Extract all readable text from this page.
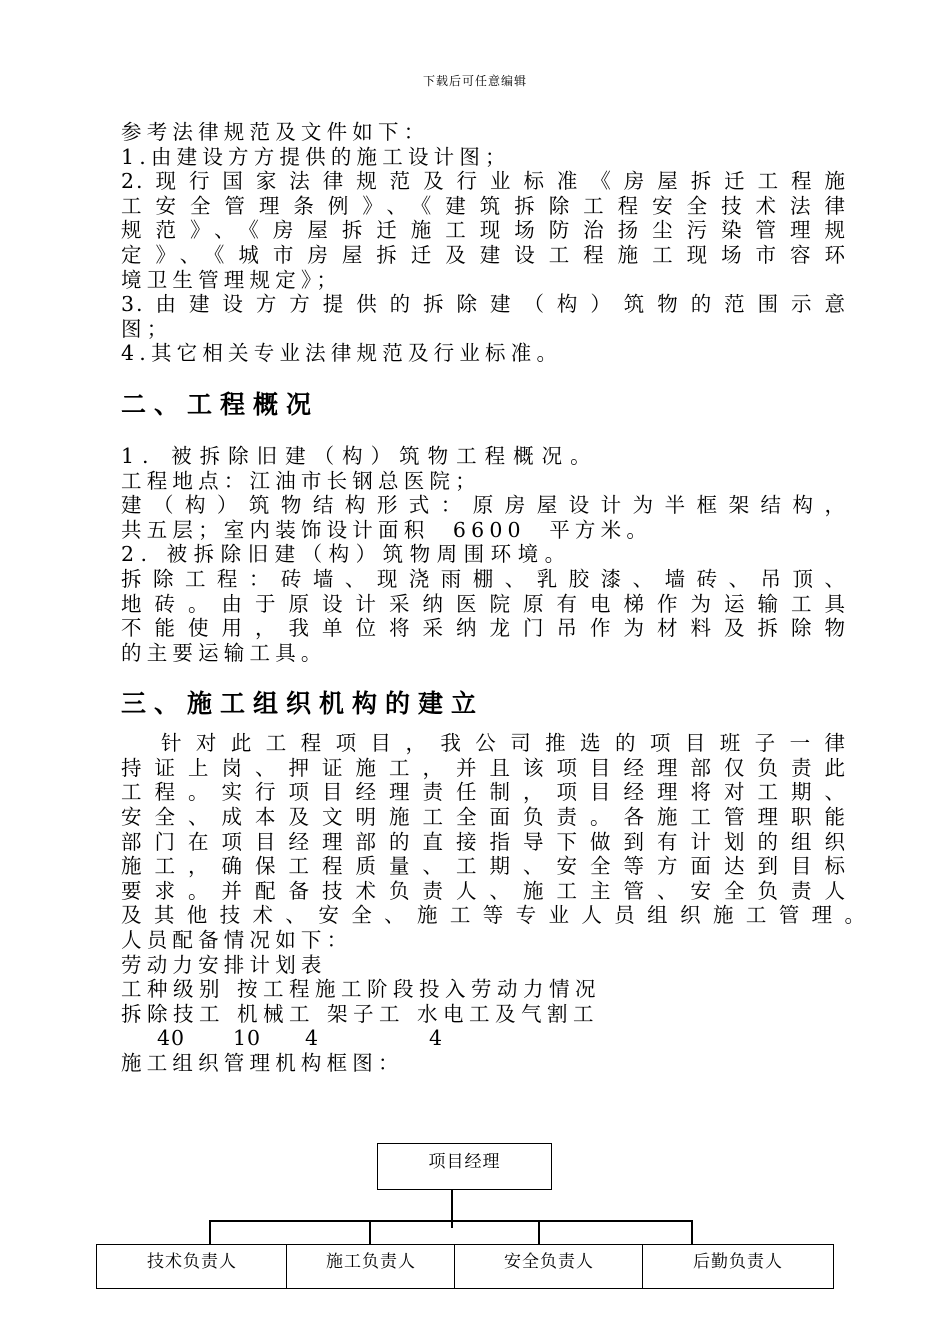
下载后可任意编辑
参考法律规范及文件如下：
1.由建设方方提供的施工设计图；
2.现行国家法律规范及行业标准《房屋拆迁工程施
工安全管理条例》、《建筑拆除工程安全技术法律
规范》、《房屋拆迁施工现场防治扬尘污染管理规
定》、《城市房屋拆迁及建设工程施工现场市容环
境卫生管理规定》；
3.由建设方方提供的拆除建（构）筑物的范围示意
图；
4.其它相关专业法律规范及行业标准。
二、工程概况
1. 被拆除旧建（构）筑物工程概况。
工程地点：江油市长钢总医院；
建（构）筑物结构形式：原房屋设计为半框架结构，
共五层；室内装饰设计面积  6600  平方米。
2. 被拆除旧建（构）筑物周围环境。
拆除工程：砖墙、现浇雨棚、乳胶漆、墙砖、吊顶、
地砖。由于原设计采纳医院原有电梯作为运输工具
不能使用，我单位将采纳龙门吊作为材料及拆除物
的主要运输工具。
三、施工组织机构的建立
针对此工程项目，我公司推选的项目班子一律
持证上岗、押证施工，并且该项目经理部仅负责此
工程。实行项目经理责任制，项目经理将对工期、
安全、成本及文明施工全面负责。各施工管理职能
部门在项目经理部的直接指导下做到有计划的组织
施工，确保工程质量、工期、安全等方面达到目标
要求。并配备技术负责人、施工主管、安全负责人
及其他技术、安全、施工等专业人员组织施工管理。
人员配备情况如下：
劳动力安排计划表
工种级别 按工程施工阶段投入劳动力情况
拆除技工 机械工 架子工 水电工及气割工
40 10 4	4
施工组织管理机构框图：
项目经理
技术负责人	施工负责人	安全负责人	后勤负责人
